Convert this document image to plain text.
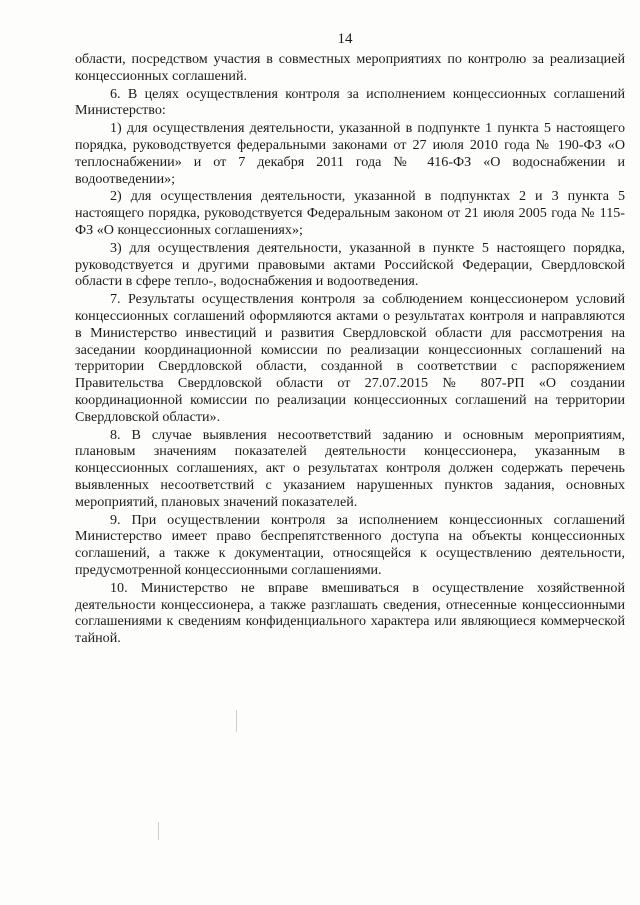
14

области, посредством участия в совместных мероприятиях по контролю за реализацией концессионных соглашений.

6. В целях осуществления контроля за исполнением концессионных соглашений Министерство:

1) для осуществления деятельности, указанной в подпункте 1 пункта 5 настоящего порядка, руководствуется федеральными законами от 27 июля 2010 года № 190-ФЗ «О теплоснабжении» и от 7 декабря 2011 года № 416-ФЗ «О водоснабжении и водоотведении»;

2) для осуществления деятельности, указанной в подпунктах 2 и 3 пункта 5 настоящего порядка, руководствуется Федеральным законом от 21 июля 2005 года № 115-ФЗ «О концессионных соглашениях»;

3) для осуществления деятельности, указанной в пункте 5 настоящего порядка, руководствуется и другими правовыми актами Российской Федерации, Свердловской области в сфере тепло-, водоснабжения и водоотведения.

7. Результаты осуществления контроля за соблюдением концессионером условий концессионных соглашений оформляются актами о результатах контроля и направляются в Министерство инвестиций и развития Свердловской области для рассмотрения на заседании координационной комиссии по реализации концессионных соглашений на территории Свердловской области, созданной в соответствии с распоряжением Правительства Свердловской области от 27.07.2015 № 807-РП «О создании координационной комиссии по реализации концессионных соглашений на территории Свердловской области».

8. В случае выявления несоответствий заданию и основным мероприятиям, плановым значениям показателей деятельности концессионера, указанным в концессионных соглашениях, акт о результатах контроля должен содержать перечень выявленных несоответствий с указанием нарушенных пунктов задания, основных мероприятий, плановых значений показателей.

9. При осуществлении контроля за исполнением концессионных соглашений Министерство имеет право беспрепятственного доступа на объекты концессионных соглашений, а также к документации, относящейся к осуществлению деятельности, предусмотренной концессионными соглашениями.

10. Министерство не вправе вмешиваться в осуществление хозяйственной деятельности концессионера, а также разглашать сведения, отнесенные концессионными соглашениями к сведениям конфиденциального характера или являющиеся коммерческой тайной.
